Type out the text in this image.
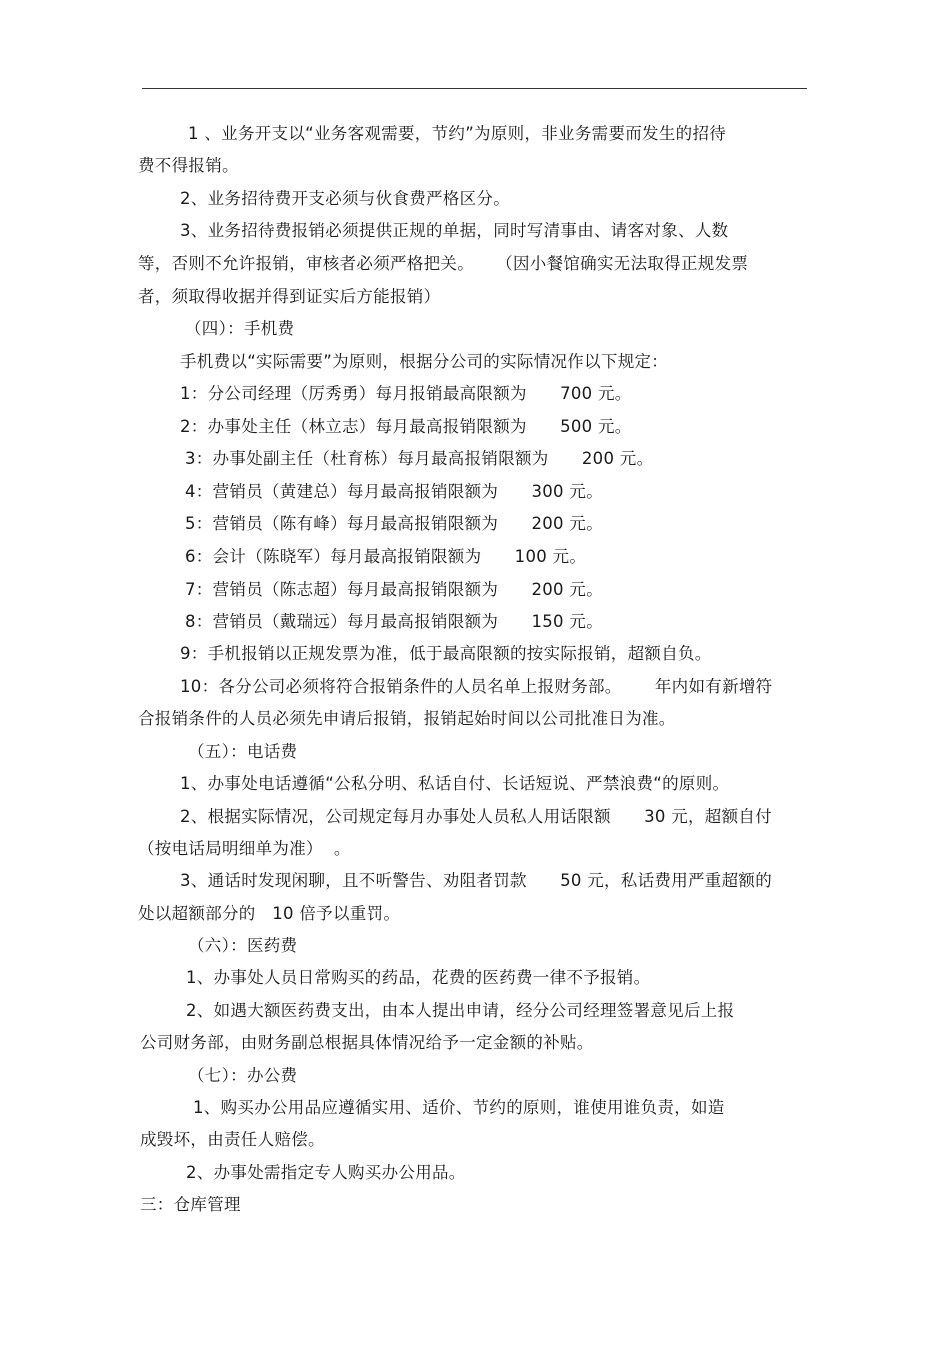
1 、业务开支以“业务客观需要，节约”为原则，非业务需要而发生的招待
费不得报销。
2、业务招待费开支必须与伙食费严格区分。
3、业务招待费报销必须提供正规的单据，同时写清事由、请客对象、人数
等，否则不允许报销，审核者必须严格把关。    （因小餐馆确实无法取得正规发票
者，须取得收据并得到证实后方能报销）
（四）：手机费
手机费以“实际需要”为原则，根据分公司的实际情况作以下规定：
1：分公司经理（厉秀勇）每月报销最高限额为      700 元。
2：办事处主任（林立志）每月最高报销限额为      500 元。
3：办事处副主任（杜育栋）每月最高报销限额为      200 元。
4：营销员（黄建总）每月最高报销限额为      300 元。
5：营销员（陈有峰）每月最高报销限额为      200 元。
6：会计（陈晓军）每月最高报销限额为      100 元。
7：营销员（陈志超）每月最高报销限额为      200 元。
8：营销员（戴瑞远）每月最高报销限额为      150 元。
9：手机报销以正规发票为准，低于最高限额的按实际报销，超额自负。
10：各分公司必须将符合报销条件的人员名单上报财务部。      年内如有新增符
合报销条件的人员必须先申请后报销，报销起始时间以公司批准日为准。
（五）：电话费
1、办事处电话遵循“公私分明、私话自付、长话短说、严禁浪费“的原则。
2、根据实际情况，公司规定每月办事处人员私人用话限额      30 元，超额自付
（按电话局明细单为准）  。
3、通话时发现闲聊，且不听警告、劝阻者罚款      50 元，私话费用严重超额的
处以超额部分的   10 倍予以重罚。
（六）：医药费
1、办事处人员日常购买的药品，花费的医药费一律不予报销。
2、如遇大额医药费支出，由本人提出申请，经分公司经理签署意见后上报
公司财务部，由财务副总根据具体情况给予一定金额的补贴。
（七）：办公费
1、购买办公用品应遵循实用、适价、节约的原则，谁使用谁负责，如造
成毁坏，由责任人赔偿。
2、办事处需指定专人购买办公用品。
三：仓库管理
